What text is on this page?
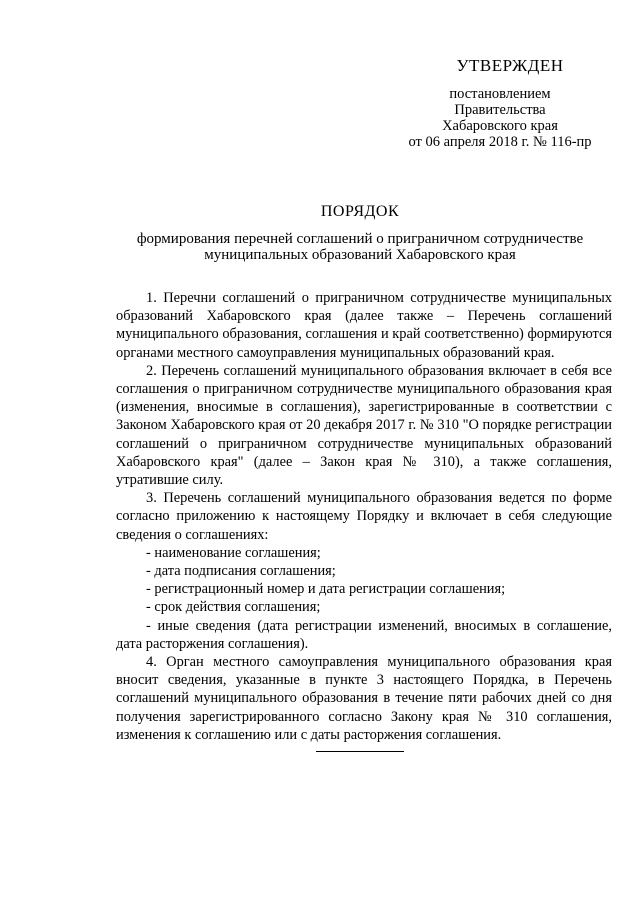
УТВЕРЖДЕН
постановлением
Правительства
Хабаровского края
от 06 апреля 2018 г. № 116-пр
ПОРЯДОК
формирования перечней соглашений о приграничном сотрудничестве
муниципальных образований Хабаровского края

1. Перечни соглашений о приграничном сотрудничестве муниципальных образований Хабаровского края (далее также – Перечень соглашений муниципального образования, соглашения и край соответственно) формируются органами местного самоуправления муниципальных образований края.

2. Перечень соглашений муниципального образования включает в себя все соглашения о приграничном сотрудничестве муниципального образования края (изменения, вносимые в соглашения), зарегистрированные в соответствии с Законом Хабаровского края от 20 декабря 2017 г. № 310 "О порядке регистрации соглашений о приграничном сотрудничестве муниципальных образований Хабаровского края" (далее – Закон края № 310), а также соглашения, утратившие силу.

3. Перечень соглашений муниципального образования ведется по форме согласно приложению к настоящему Порядку и включает в себя следующие сведения о соглашениях:

- наименование соглашения;
- дата подписания соглашения;
- регистрационный номер и дата регистрации соглашения;
- срок действия соглашения;
- иные сведения (дата регистрации изменений, вносимых в соглашение, дата расторжения соглашения).

4. Орган местного самоуправления муниципального образования края вносит сведения, указанные в пункте 3 настоящего Порядка, в Перечень соглашений муниципального образования в течение пяти рабочих дней со дня получения зарегистрированного согласно Закону края № 310 соглашения, изменения к соглашению или с даты расторжения соглашения.
